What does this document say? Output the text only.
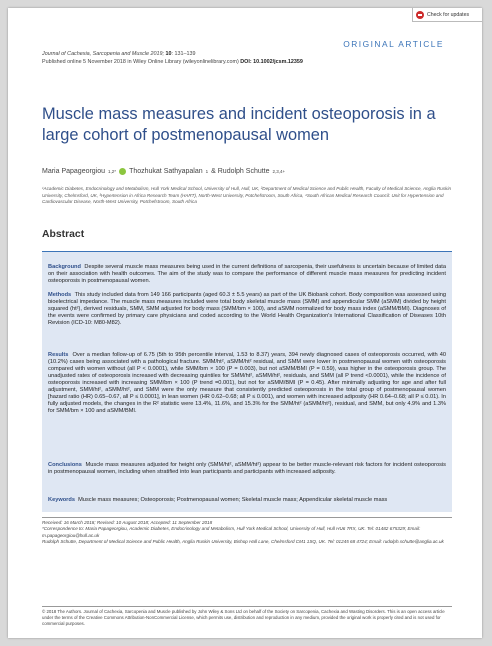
Check for updates
ORIGINAL ARTICLE
Journal of Cachexia, Sarcopenia and Muscle 2019; 10: 131–139
Published online 5 November 2018 in Wiley Online Library (wileyonlinelibrary.com) DOI: 10.1002/jcsm.12359
Muscle mass measures and incident osteoporosis in a large cohort of postmenopausal women
Maria Papageorgiou 1,2* Thozhukat Sathyapalan 1 & Rudolph Schutte 2,3,4+
¹Academic Diabetes, Endocrinology and Metabolism, Hull York Medical School, University of Hull, Hull, UK, ²Department of Medical Science and Public Health, Faculty of Medical Science, Anglia Ruskin University, Chelmsford, UK, ³Hypertension in Africa Research Team (HART), North-West University, Potchefstroom, South Africa, ⁴South African Medical Research Council: Unit for Hypertension and Cardiovascular Disease, North-West University, Potchefstroom, South Africa
Abstract

Background Despite several muscle mass measures being used in the current definitions of sarcopenia, their usefulness is uncertain because of limited data on their association with health outcomes. The aim of the study was to compare the performance of different muscle mass measures for predicting incident osteoporosis in postmenopausal women.

Methods This study included data from 149 166 participants (aged 60.3 ± 5.5 years) as part of the UK Biobank cohort. Body composition was assessed using bioelectrical impedance. The muscle mass measures included were total body skeletal muscle mass (SMM) and appendicular SMM (aSMM) divided by height squared (ht²), derived residuals, SMM, SMM adjusted for body mass (SMM/bm × 100), and aSMM normalized for body mass index (aSMM/BMI). Diagnoses of the events were confirmed by primary care physicians and coded according to the World Health Organization's International Classification of Diseases 10th Revision (ICD-10: M80-M82).

Results Over a median follow-up of 6.75 (5th to 95th percentile interval, 1.53 to 8.37) years, 394 newly diagnosed cases of osteoporosis occurred, with 40 (10.2%) cases being associated with a pathological fracture. SMM/ht², aSMM/ht² residual, and SMM were lower in postmenopausal women with osteoporosis compared with women without (all P < 0.0001), while SMM/bm × 100 (P = 0.003), but not aSMM/BMI (P = 0.59), was higher in the osteoporosis group. The unadjusted rates of osteoporosis increased with decreasing quintiles for SMM/ht², aSMM/ht², residuals, and SMM (all P trend <0.0001), while the incidence of osteoporosis increased with increasing SMM/bm × 100 (P trend =0.001), but not for aSMM/BMI (P = 0.45). After minimally adjusting for age and after full adjustment, SMM/ht², aSMM/ht², and SMM were the only measure that consistently predicted osteoporosis in the total group of postmenopausal women [hazard ratio (HR) 0.65–0.67, all P ≤ 0.0001], in lean women (HR 0.62–0.68; all P ≤ 0.001), and women with increased adiposity (HR 0.64–0.68; all P ≤ 0.01). In fully adjusted models, the changes in the R² statistic were 13.4%, 11.6%, and 15.3% for the SMM/ht² (aSMM/ht²), residual, and SMM, but only 4.9% and 1.3% for SMM/bm × 100 and aSMM/BMI.

Conclusions Muscle mass measures adjusted for height only (SMM/ht², aSMM/ht²) appear to be better muscle-relevant risk factors for incident osteoporosis in postmenopausal women, including when stratified into lean participants and participants with increased adiposity.

Keywords Muscle mass measures; Osteoporosis; Postmenopausal women; Skeletal muscle mass; Appendicular skeletal muscle mass

Received: 16 March 2018; Revised: 10 August 2018; Accepted: 11 September 2018
*Correspondence to: Maria Papageorgiou, Academic Diabetes, Endocrinology and Metabolism, Hull York Medical School, University of Hull, Hull HU6 7RX, UK. Tel: 01482 675329; Email: m.papageorgiou@hull.ac.uk
Rudolph Schutte, Department of Medical Science and Public Health, Anglia Ruskin University, Bishop Hall Lane, Chelmsford CM1 1SQ, UK. Tel: 01245 68 4724; Email: rudolph.schutte@anglia.ac.uk
© 2018 The Authors. Journal of Cachexia, Sarcopenia and Muscle published by John Wiley & Sons Ltd on behalf of the Society on Sarcopenia, Cachexia and Wasting Disorders. This is an open access article under the terms of the Creative Commons Attribution-NonCommercial License, which permits use, distribution and reproduction in any medium, provided the original work is properly cited and is not used for commercial purposes.
